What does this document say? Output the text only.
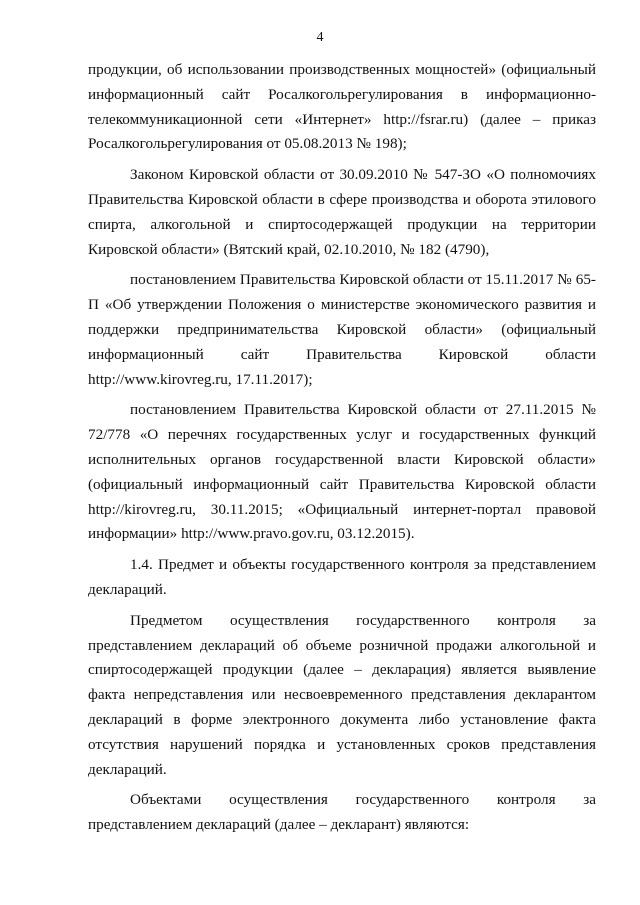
4

продукции, об использовании производственных мощностей» (официальный информационный сайт Росалкогольрегулирования в информационно-телекоммуникационной сети «Интернет» http://fsrar.ru) (далее – приказ Росалкогольрегулирования от 05.08.2013 № 198);

Законом Кировской области от 30.09.2010 № 547-ЗО «О полномочиях Правительства Кировской области в сфере производства и оборота этилового спирта, алкогольной и спиртосодержащей продукции на территории Кировской области» (Вятский край, 02.10.2010, № 182 (4790),

постановлением Правительства Кировской области от 15.11.2017 № 65-П «Об утверждении Положения о министерстве экономического развития и поддержки предпринимательства Кировской области» (официальный информационный сайт Правительства Кировской области http://www.kirovreg.ru, 17.11.2017);

постановлением Правительства Кировской области от 27.11.2015 № 72/778 «О перечнях государственных услуг и государственных функций исполнительных органов государственной власти Кировской области» (официальный информационный сайт Правительства Кировской области http://kirovreg.ru, 30.11.2015; «Официальный интернет-портал правовой информации» http://www.pravo.gov.ru, 03.12.2015).

1.4. Предмет и объекты государственного контроля за представлением деклараций.

Предметом осуществления государственного контроля за представлением деклараций об объеме розничной продажи алкогольной и спиртосодержащей продукции (далее – декларация) является выявление факта непредставления или несвоевременного представления декларантом деклараций в форме электронного документа либо установление факта отсутствия нарушений порядка и установленных сроков представления деклараций.

Объектами осуществления государственного контроля за представлением деклараций (далее – декларант) являются:
